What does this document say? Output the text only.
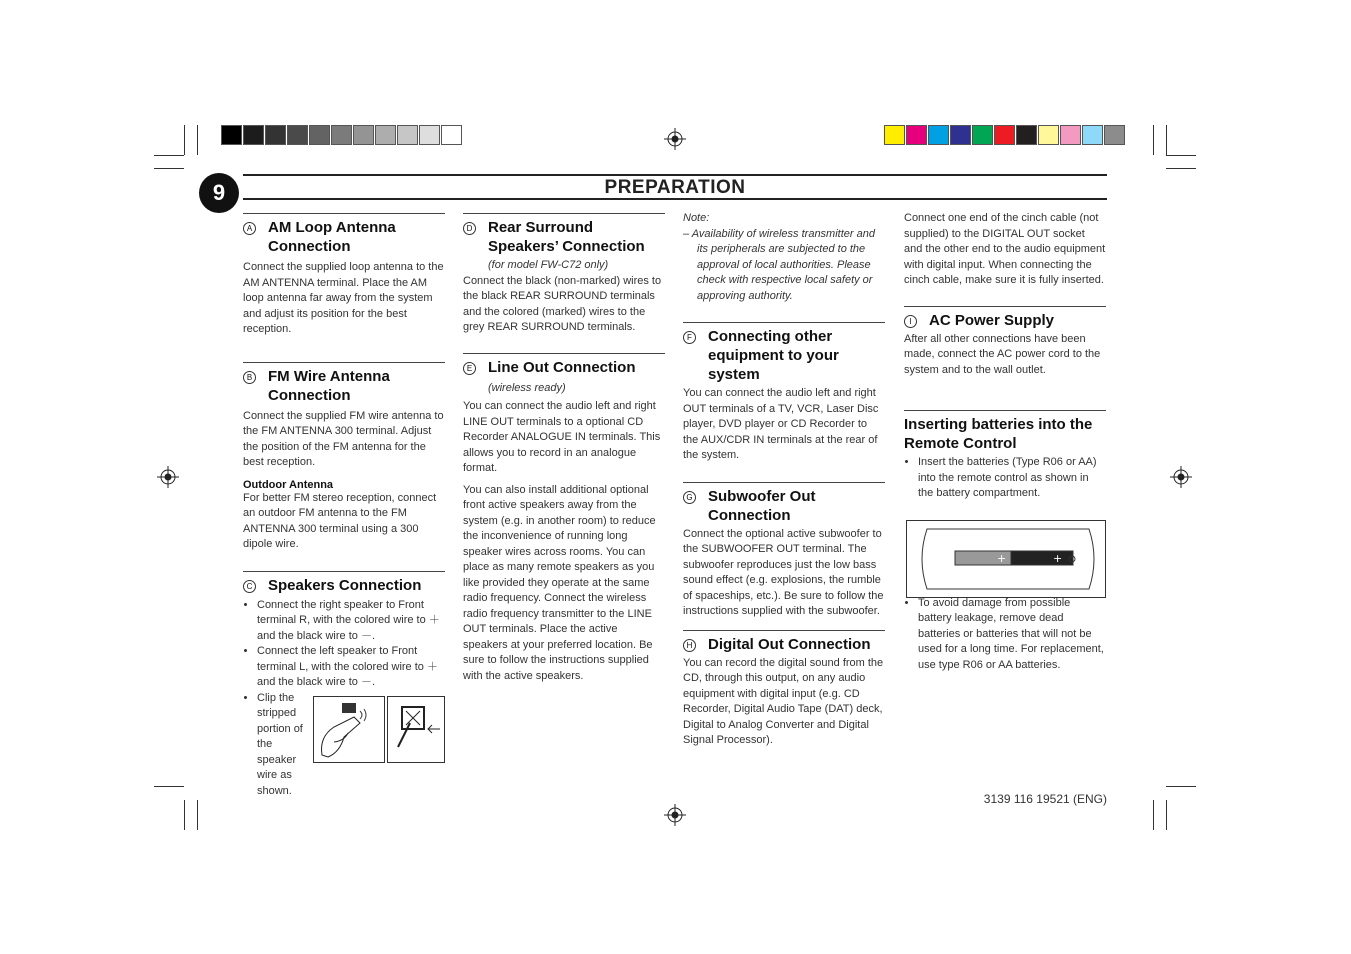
9	PREPARATION
A AM Loop Antenna Connection
Connect the supplied loop antenna to the AM ANTENNA terminal. Place the AM loop antenna far away from the system and adjust its position for the best reception.
B FM Wire Antenna Connection
Connect the supplied FM wire antenna to the FM ANTENNA 300 terminal. Adjust the position of the FM antenna for the best reception.
Outdoor Antenna
For better FM stereo reception, connect an outdoor FM antenna to the FM ANTENNA 300 terminal using a 300 dipole wire.
C Speakers Connection
• Connect the right speaker to Front terminal R, with the colored wire to ＋ and the black wire to －.
• Connect the left speaker to Front terminal L, with the colored wire to ＋ and the black wire to －.
• Clip the stripped portion of the speaker wire as shown.
D Rear Surround Speakers’ Connection
(for model FW-C72 only)
Connect the black (non-marked) wires to the black REAR SURROUND terminals and the colored (marked) wires to the grey REAR SURROUND terminals.
E Line Out Connection
(wireless ready)
You can connect the audio left and right LINE OUT terminals to a optional CD Recorder ANALOGUE IN terminals. This allows you to record in an analogue format.
You can also install additional optional front active speakers away from the system (e.g. in another room) to reduce the inconvenience of running long speaker wires across rooms. You can place as many remote speakers as you like provided they operate at the same radio frequency. Connect the wireless radio frequency transmitter to the LINE OUT terminals. Place the active speakers at your preferred location. Be sure to follow the instructions supplied with the active speakers.
Note:
– Availability of wireless transmitter and its peripherals are subjected to the approval of local authorities. Please check with respective local safety or approving authority.
F Connecting other equipment to your system
You can connect the audio left and right OUT terminals of a TV, VCR, Laser Disc player, DVD player or CD Recorder to the AUX/CDR IN terminals at the rear of the system.
G Subwoofer Out Connection
Connect the optional active subwoofer to the SUBWOOFER OUT terminal. The subwoofer reproduces just the low bass sound effect (e.g. explosions, the rumble of spaceships, etc.). Be sure to follow the instructions supplied with the subwoofer.
H Digital Out Connection
You can record the digital sound from the CD, through this output, on any audio equipment with digital input (e.g. CD Recorder, Digital Audio Tape (DAT) deck, Digital to Analog Converter and Digital Signal Processor).
Connect one end of the cinch cable (not supplied) to the DIGITAL OUT socket and the other end to the audio equipment with digital input. When connecting the cinch cable, make sure it is fully inserted.
I	AC Power Supply
After all other connections have been made, connect the AC power cord to the system and to the wall outlet.
Inserting batteries into the Remote Control
• Insert the batteries (Type R06 or AA) into the remote control as shown in the battery compartment.
• To avoid damage from possible battery leakage, remove dead batteries or batteries that will not be used for a long time. For replacement, use type R06 or AA batteries.
+	+
3139 116 19521 (ENG)
